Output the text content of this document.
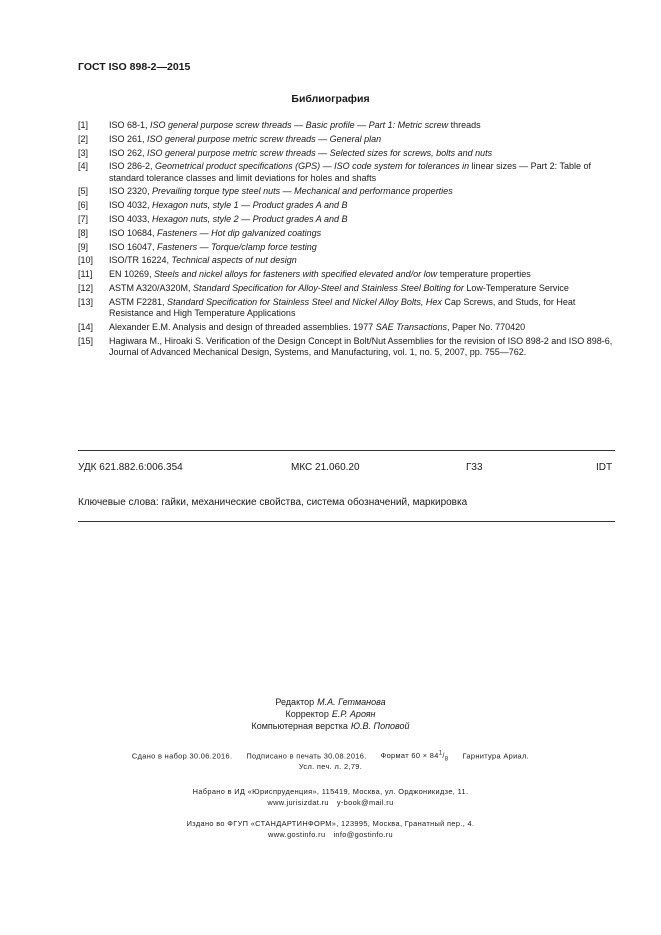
ГОСТ ISO 898-2—2015
Библиография
[1]	ISO 68-1, ISO general purpose screw threads — Basic profile — Part 1: Metric screw threads
[2]	ISO 261, ISO general purpose metric screw threads — General plan
[3]	ISO 262, ISO general purpose metric screw threads — Selected sizes for screws, bolts and nuts
[4]	ISO 286-2, Geometrical product specifications (GPS) — ISO code system for tolerances in linear sizes — Part 2: Table of standard tolerance classes and limit deviations for holes and shafts
[5]	ISO 2320, Prevailing torque type steel nuts — Mechanical and performance properties
[6]	ISO 4032, Hexagon nuts, style 1 — Product grades A and B
[7]	ISO 4033, Hexagon nuts, style 2 — Product grades A and B
[8]	ISO 10684, Fasteners — Hot dip galvanized coatings
[9]	ISO 16047, Fasteners — Torque/clamp force testing
[10]	ISO/TR 16224, Technical aspects of nut design
[11]	EN 10269, Steels and nickel alloys for fasteners with specified elevated and/or low temperature properties
[12]	ASTM A320/A320M, Standard Specification for Alloy-Steel and Stainless Steel Bolting for Low-Temperature Service
[13]	ASTM F2281, Standard Specification for Stainless Steel and Nickel Alloy Bolts, Hex Cap Screws, and Studs, for Heat Resistance and High Temperature Applications
[14]	Alexander E.M. Analysis and design of threaded assemblies. 1977 SAE Transactions, Paper No. 770420
[15]	Hagiwara M., Hiroaki S. Verification of the Design Concept in Bolt/Nut Assemblies for the revision of ISO 898-2 and ISO 898-6, Journal of Advanced Mechanical Design, Systems, and Manufacturing, vol. 1, no. 5, 2007, pp. 755—762.
УДК 621.882.6:006.354	МКС 21.060.20	Г33	IDT
Ключевые слова: гайки, механические свойства, система обозначений, маркировка
Редактор М.А. Гетманова
Корректор Е.Р. Ароян
Компьютерная верстка Ю.В. Поповой
Сдано в набор 30.06.2016. Подписано в печать 30.08.2016. Формат $60 \times 84^1/_8$ Гарнитура Ариал.
Усл. печ. л. 2,79.
Набрано в ИД «Юриспруденция», 115419, Москва, ул. Орджоникидзе, 11.
www.jurisizdat.ru y-book@mail.ru
Издано во ФГУП «СТАНДАРТИНФОРМ», 123995, Москва, Гранатный пер., 4.
www.gostinfo.ru info@gostinfo.ru
